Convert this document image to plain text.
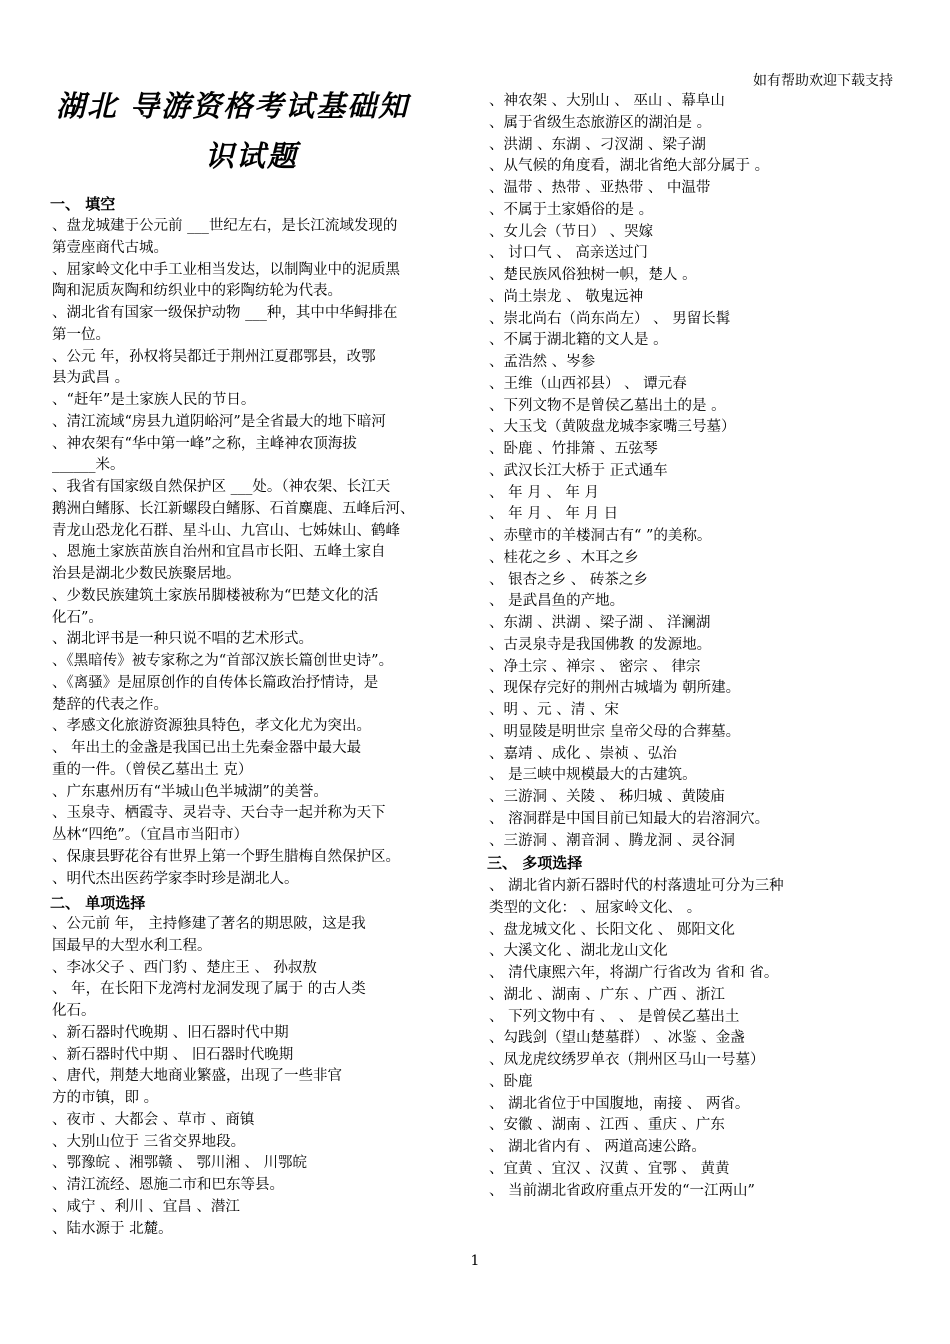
如有帮助欢迎下载支持
湖北 导游资格考试基础知
识试题
一、 填空
、盘龙城建于公元前 ___世纪左右，是长江流域发现的
第壹座商代古城。
、屈家岭文化中手工业相当发达，以制陶业中的泥质黑
陶和泥质灰陶和纺织业中的彩陶纺轮为代表。
、湖北省有国家一级保护动物 ___种，其中中华鲟排在
第一位。
、公元 年，孙权将吴都迁于荆州江夏郡鄂县，改鄂
县为武昌 。
、“赶年”是土家族人民的节日。
、清江流域“房县九道阴峪河”是全省最大的地下暗河
、神农架有“华中第一峰”之称，主峰神农顶海拔
______米。
、我省有国家级自然保护区 ___处。（神农架、长江天
鹅洲白鳍豚、长江新螺段白鳍豚、石首麋鹿、五峰后河、
青龙山恐龙化石群、星斗山、九宫山、七姊妹山、鹤峰
、恩施土家族苗族自治州和宜昌市长阳、五峰土家自
治县是湖北少数民族聚居地。
、少数民族建筑土家族吊脚楼被称为“巴楚文化的活
化石”。
、湖北评书是一种只说不唱的艺术形式。
、《黑暗传》被专家称之为“首部汉族长篇创世史诗”。
、《离骚》是屈原创作的自传体长篇政治抒情诗，是
楚辞的代表之作。
、孝感文化旅游资源独具特色，孝文化尤为突出。
、 年出土的金盏是我国已出土先秦金器中最大最
重的一件。（曾侯乙墓出土 克）
、广东惠州历有“半城山色半城湖”的美誉。
、玉泉寺、栖霞寺、灵岩寺、天台寺一起并称为天下
丛林“四绝”。（宜昌市当阳市）
、保康县野花谷有世界上第一个野生腊梅自然保护区。
、明代杰出医药学家李时珍是湖北人。
二、 单项选择
、公元前 年， 主持修建了著名的期思陂，这是我
国最早的大型水利工程。
、李冰父子 、西门豹 、楚庄王 、 孙叔敖
、 年，在长阳下龙湾村龙洞发现了属于 的古人类
化石。
、新石器时代晚期 、旧石器时代中期
、新石器时代中期 、 旧石器时代晚期
、唐代，荆楚大地商业繁盛，出现了一些非官
方的市镇，即 。
、夜市 、大都会 、草市 、商镇
、大别山位于 三省交界地段。
、鄂豫皖 、湘鄂赣 、 鄂川湘 、 川鄂皖
、清江流经、恩施二市和巴东等县。
、咸宁 、利川 、宜昌 、潜江
、陆水源于 北麓。
、神农架 、大别山 、 巫山 、幕阜山
、属于省级生态旅游区的湖泊是 。
、洪湖 、东湖 、刁汊湖 、梁子湖
、从气候的角度看，湖北省绝大部分属于 。
、温带 、热带 、亚热带 、 中温带
、不属于土家婚俗的是 。
、女儿会（节日） 、哭嫁
、 讨口气 、 高亲送过门
、楚民族风俗独树一帜，楚人 。
、尚土崇龙 、 敬鬼远神
、崇北尚右（尚东尚左） 、 男留长髯
、不属于湖北籍的文人是 。
、孟浩然 、岑参
、王维（山西祁县） 、 谭元春
、下列文物不是曾侯乙墓出土的是 。
、大玉戈（黄陂盘龙城李家嘴三号墓）
、卧鹿 、竹排箫 、五弦琴
、武汉长江大桥于 正式通车
、 年 月 、 年 月
、 年 月 、 年 月 日
、赤壁市的羊楼洞古有“ ”的美称。
、桂花之乡 、木耳之乡
、 银杏之乡 、 砖茶之乡
、 是武昌鱼的产地。
、东湖 、洪湖 、梁子湖 、 洋澜湖
、古灵泉寺是我国佛教 的发源地。
、净土宗 、禅宗 、 密宗 、 律宗
、现保存完好的荆州古城墙为 朝所建。
、明 、元 、清 、宋
、明显陵是明世宗 皇帝父母的合葬墓。
、嘉靖 、成化 、崇祯 、弘治
、 是三峡中规模最大的古建筑。
、三游洞 、关陵 、 秭归城 、黄陵庙
、 溶洞群是中国目前已知最大的岩溶洞穴。
、三游洞 、潮音洞 、腾龙洞 、灵谷洞
三、 多项选择
、 湖北省内新石器时代的村落遗址可分为三种
类型的文化： 、屈家岭文化、 。
、盘龙城文化 、长阳文化 、 郧阳文化
、大溪文化 、湖北龙山文化
、 清代康熙六年，将湖广行省改为 省和 省。
、湖北 、湖南 、广东 、广西 、浙江
、 下列文物中有 、 、 是曾侯乙墓出土
、勾践剑（望山楚墓群） 、冰鉴 、金盏
、凤龙虎纹绣罗单衣（荆州区马山一号墓）
、卧鹿
、 湖北省位于中国腹地，南接 、 两省。
、安徽 、湖南 、江西 、重庆 、广东
、 湖北省内有 、 两道高速公路。
、宜黄 、宜汉 、汉黄 、宜鄂 、 黄黄
、 当前湖北省政府重点开发的“一江两山”
1
